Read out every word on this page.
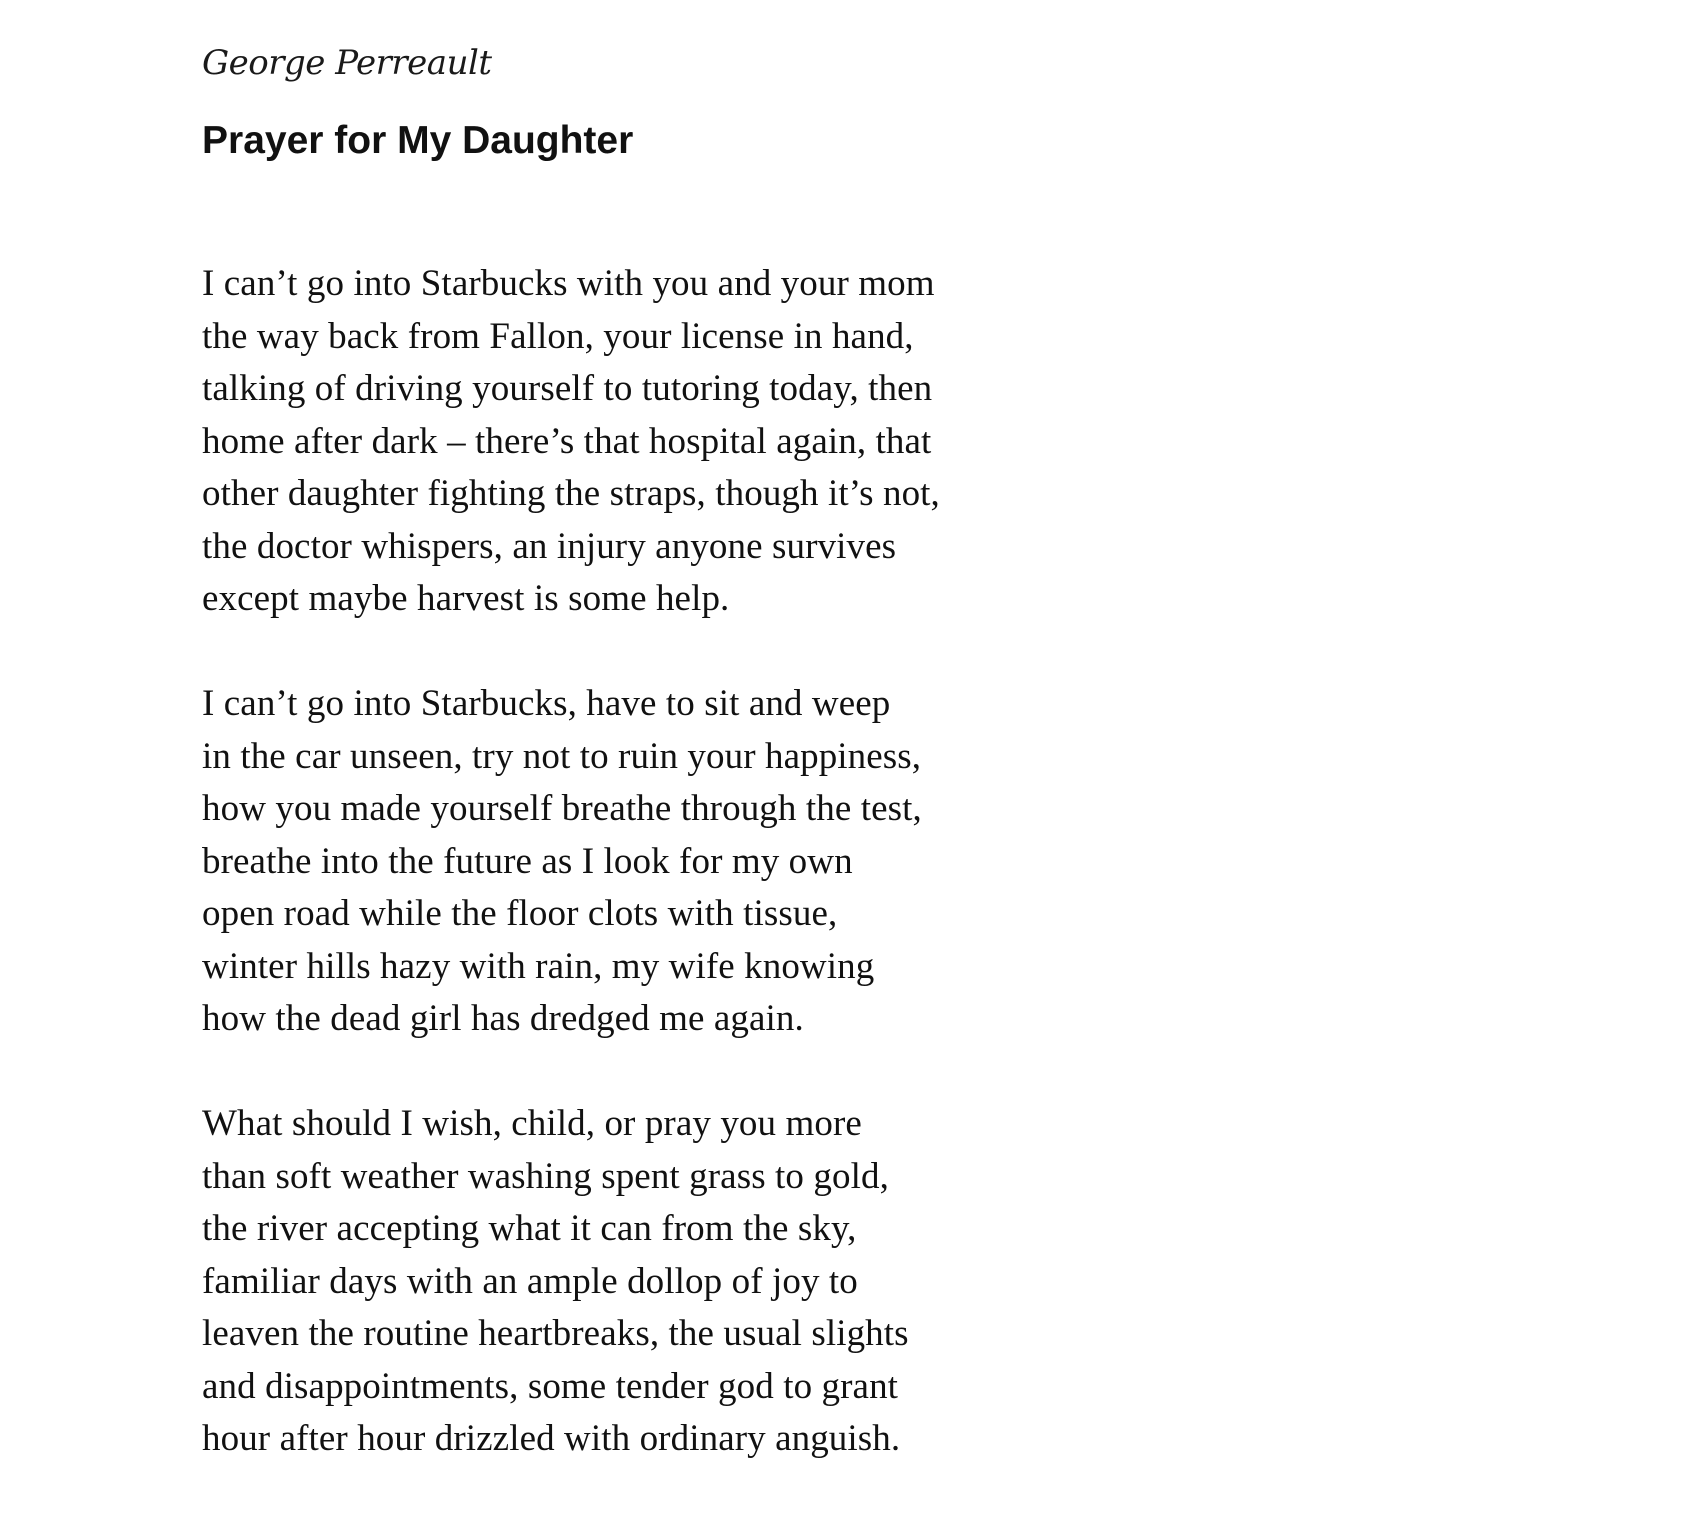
George Perreault

Prayer for My Daughter
I can’t go into Starbucks with you and your mom
the way back from Fallon, your license in hand,
talking of driving yourself to tutoring today, then
home after dark – there’s that hospital again, that
other daughter fighting the straps, though it’s not,
the doctor whispers, an injury anyone survives
except maybe harvest is some help.
I can’t go into Starbucks, have to sit and weep
in the car unseen, try not to ruin your happiness,
how you made yourself breathe through the test,
breathe into the future as I look for my own
open road while the floor clots with tissue,
winter hills hazy with rain, my wife knowing
how the dead girl has dredged me again.
What should I wish, child, or pray you more
than soft weather washing spent grass to gold,
the river accepting what it can from the sky,
familiar days with an ample dollop of joy to
leaven the routine heartbreaks, the usual slights
and disappointments, some tender god to grant
hour after hour drizzled with ordinary anguish.
